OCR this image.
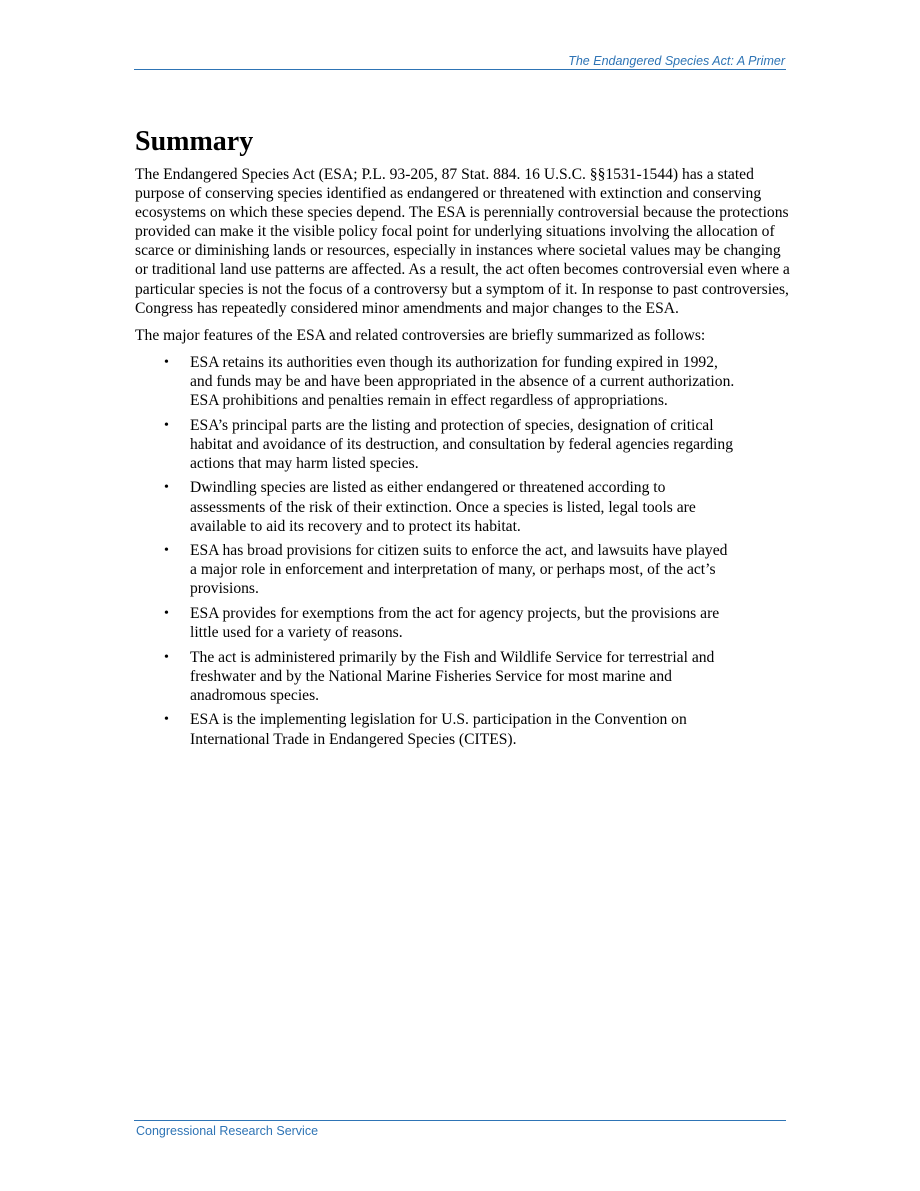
The Endangered Species Act: A Primer
Summary

The Endangered Species Act (ESA; P.L. 93-205, 87 Stat. 884. 16 U.S.C. §§1531-1544) has a stated purpose of conserving species identified as endangered or threatened with extinction and conserving ecosystems on which these species depend. The ESA is perennially controversial because the protections provided can make it the visible policy focal point for underlying situations involving the allocation of scarce or diminishing lands or resources, especially in instances where societal values may be changing or traditional land use patterns are affected. As a result, the act often becomes controversial even where a particular species is not the focus of a controversy but a symptom of it. In response to past controversies, Congress has repeatedly considered minor amendments and major changes to the ESA.

The major features of the ESA and related controversies are briefly summarized as follows:

• ESA retains its authorities even though its authorization for funding expired in 1992, and funds may be and have been appropriated in the absence of a current authorization. ESA prohibitions and penalties remain in effect regardless of appropriations.
• ESA’s principal parts are the listing and protection of species, designation of critical habitat and avoidance of its destruction, and consultation by federal agencies regarding actions that may harm listed species.
• Dwindling species are listed as either endangered or threatened according to assessments of the risk of their extinction. Once a species is listed, legal tools are available to aid its recovery and to protect its habitat.
• ESA has broad provisions for citizen suits to enforce the act, and lawsuits have played a major role in enforcement and interpretation of many, or perhaps most, of the act’s provisions.
• ESA provides for exemptions from the act for agency projects, but the provisions are little used for a variety of reasons.
• The act is administered primarily by the Fish and Wildlife Service for terrestrial and freshwater and by the National Marine Fisheries Service for most marine and anadromous species.
• ESA is the implementing legislation for U.S. participation in the Convention on International Trade in Endangered Species (CITES).
Congressional Research Service
